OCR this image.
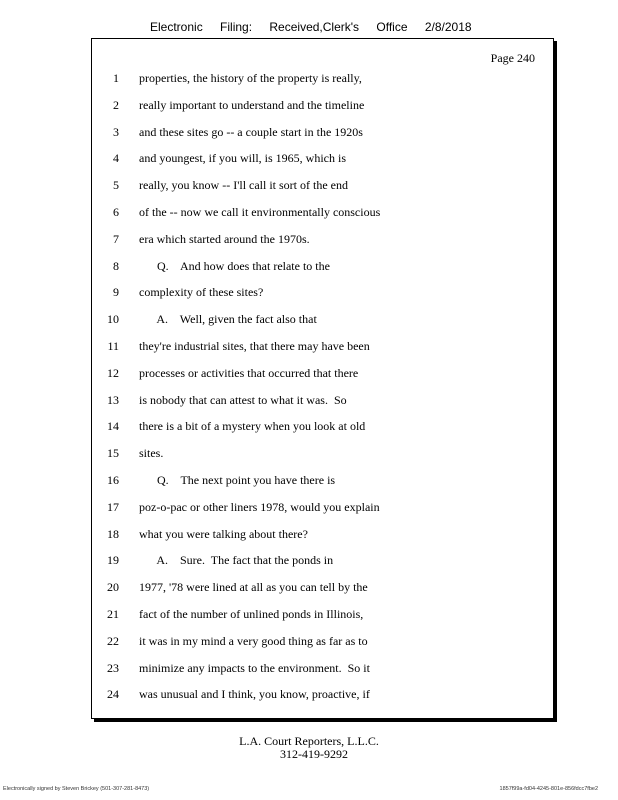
Electronic Filing: Received,Clerk's Office 2/8/2018
Page 240
1 properties, the history of the property is really,
2 really important to understand and the timeline
3 and these sites go -- a couple start in the 1920s
4 and youngest, if you will, is 1965, which is
5 really, you know -- I'll call it sort of the end
6 of the -- now we call it environmentally conscious
7 era which started around the 1970s.
8 Q.    And how does that relate to the
9 complexity of these sites?
10 A.    Well, given the fact also that
11 they're industrial sites, that there may have been
12 processes or activities that occurred that there
13 is nobody that can attest to what it was.  So
14 there is a bit of a mystery when you look at old
15 sites.
16 Q.    The next point you have there is
17 poz-o-pac or other liners 1978, would you explain
18 what you were talking about there?
19 A.    Sure.  The fact that the ponds in
20 1977, '78 were lined at all as you can tell by the
21 fact of the number of unlined ponds in Illinois,
22 it was in my mind a very good thing as far as to
23 minimize any impacts to the environment.  So it
24 was unusual and I think, you know, proactive, if
L.A. Court Reporters, L.L.C.
312-419-9292
Electronically signed by Steven Brickey (501-307-281-8473)	1857f99a-fd04-4245-801e-856fdcc7fbe2
